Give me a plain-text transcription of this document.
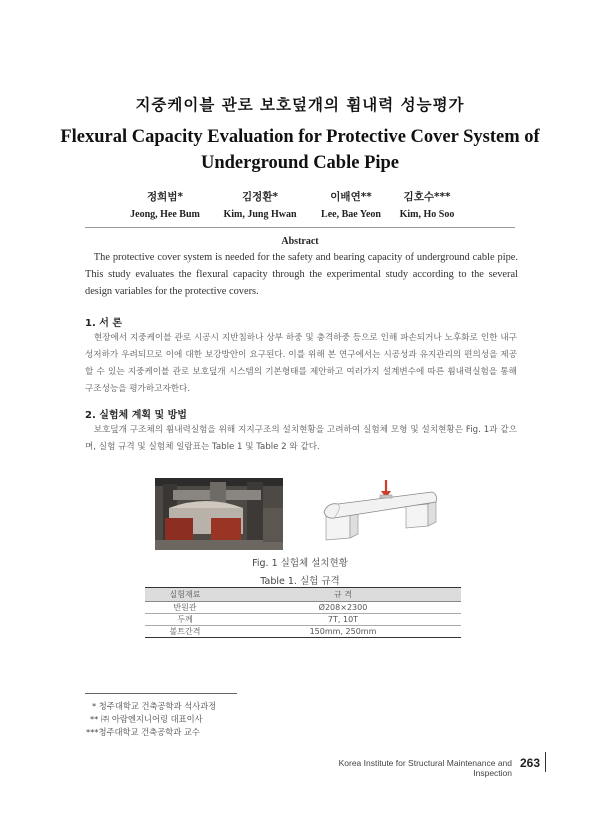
지중케이블 관로 보호덮개의 휨내력 성능평가
Flexural Capacity Evaluation for Protective Cover System of
Underground Cable Pipe
정희범*
Jeong, Hee Bum
김정환*
Kim, Jung Hwan
이배연**
Lee, Bae Yeon
김호수***
Kim, Ho Soo
Abstract
The protective cover system is needed for the safety and bearing capacity of underground cable pipe. This study evaluates the flexural capacity through the experimental study according to the several design variables for the protective covers.
1. 서 론
현장에서 지중케이블 관로 시공시 지반침하나 상부 하중 및 충격하중 등으로 인해 파손되거나 노후화로 인한 내구성저하가 우려되므로 이에 대한 보강방안이 요구된다. 이를 위해 본 연구에서는 시공성과 유지관리의 편의성을 제공할 수 있는 지중케이블 관로 보호덮개 시스템의 기본형태를 제안하고 여러가지 설계변수에 따른 휨내력실험을 통해 구조성능을 평가하고자한다.
2. 실험체 계획 및 방법
보호덮개 구조체의 휨내력실험을 위해 지지구조의 설치현황을 고려하여 실험체 모형 및 설치현황은 Fig. 1과 같으며, 실험 규격 및 실험체 일람표는 Table 1 및 Table 2 와 같다.
Fig. 1 실험체 설치현황
Table 1. 실험 규격
실험재료	규 격
반원관	Ø208×2300
두께	7T, 10T
볼트간격	150mm, 250mm
* 청주대학교 건축공학과 석사과정
** ㈜ 아람엔지니어링 대표이사
***청주대학교 건축공학과 교수
Korea Institute for Structural Maintenance and Inspection
263
